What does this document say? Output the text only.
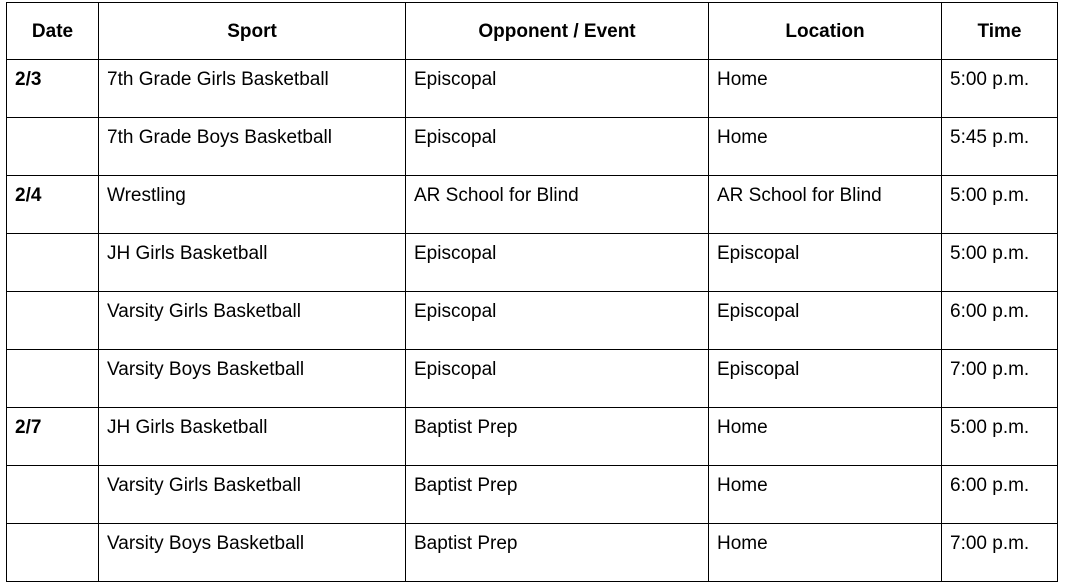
Date	Sport	Opponent / Event	Location	Time
2/3	7th Grade Girls Basketball	Episcopal	Home	5:00 p.m.
	7th Grade Boys Basketball	Episcopal	Home	5:45 p.m.
2/4	Wrestling	AR School for Blind	AR School for Blind	5:00 p.m.
	JH Girls Basketball	Episcopal	Episcopal	5:00 p.m.
	Varsity Girls Basketball	Episcopal	Episcopal	6:00 p.m.
	Varsity Boys Basketball	Episcopal	Episcopal	7:00 p.m.
2/7	JH Girls Basketball	Baptist Prep	Home	5:00 p.m.
	Varsity Girls Basketball	Baptist Prep	Home	6:00 p.m.
	Varsity Boys Basketball	Baptist Prep	Home	7:00 p.m.
